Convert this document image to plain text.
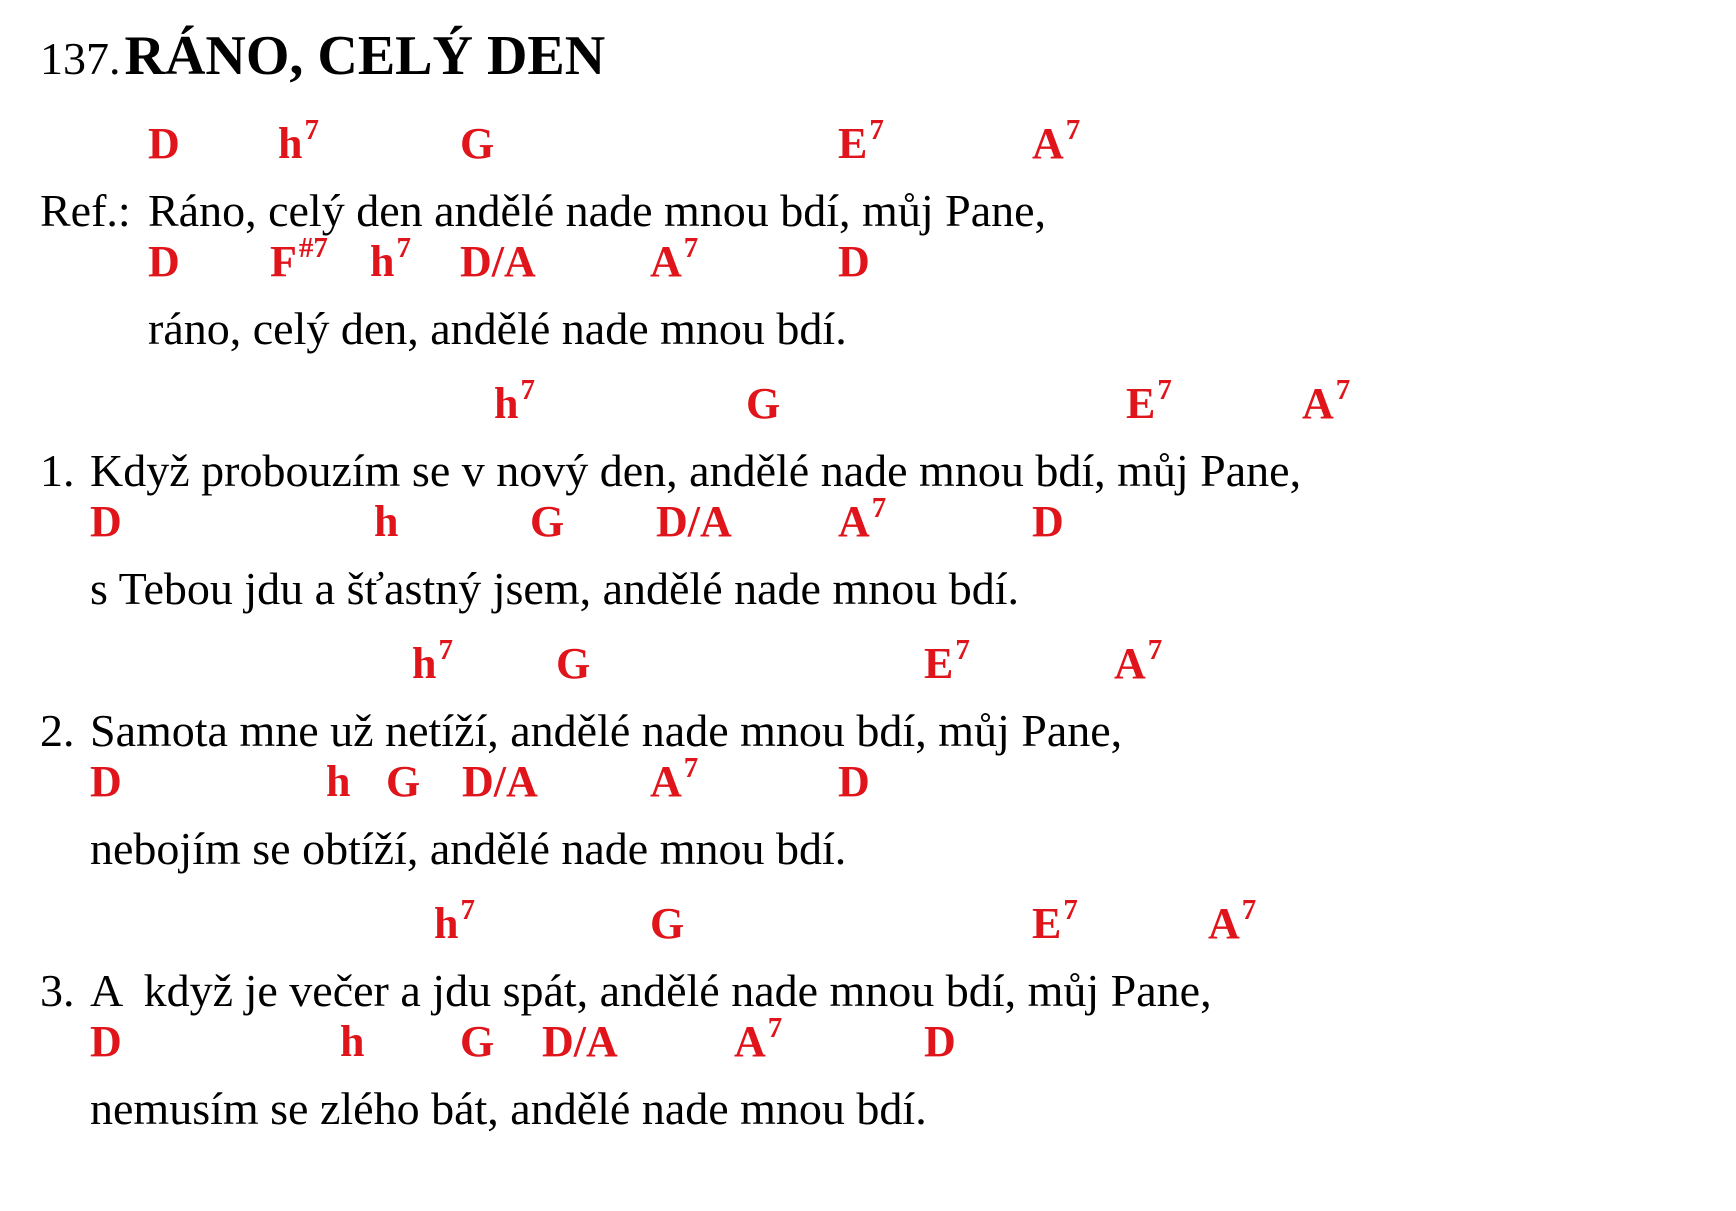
137. RÁNO, CELÝ DEN
D $h^7$	G	$E^7$	$A^7$
Ref.: Ráno, celý den andělé nade mnou bdí, můj Pane,
D $F^{\#7}$ $h^7$ D/A	$A^7$	D
ráno, celý den, andělé nade mnou bdí.
$h^7$	G	$E^7$	$A^7$
1. Když probouzím se v nový den, andělé nade mnou bdí, můj Pane,
D	h	G D/A $A^7$	D
s Tebou jdu a šťastný jsem, andělé nade mnou bdí.
$h^7$ G	$E^7$	$A^7$
2. Samota mne už netíží, andělé nade mnou bdí, můj Pane,
D	h G D/A	$A^7$	D
nebojím se obtíží, andělé nade mnou bdí.
$h^7$	G	$E^7$	$A^7$
3. A  když je večer a jdu spát, andělé nade mnou bdí, můj Pane,
D	h G D/A	$A^7$	D
nemusím se zlého bát, andělé nade mnou bdí.
